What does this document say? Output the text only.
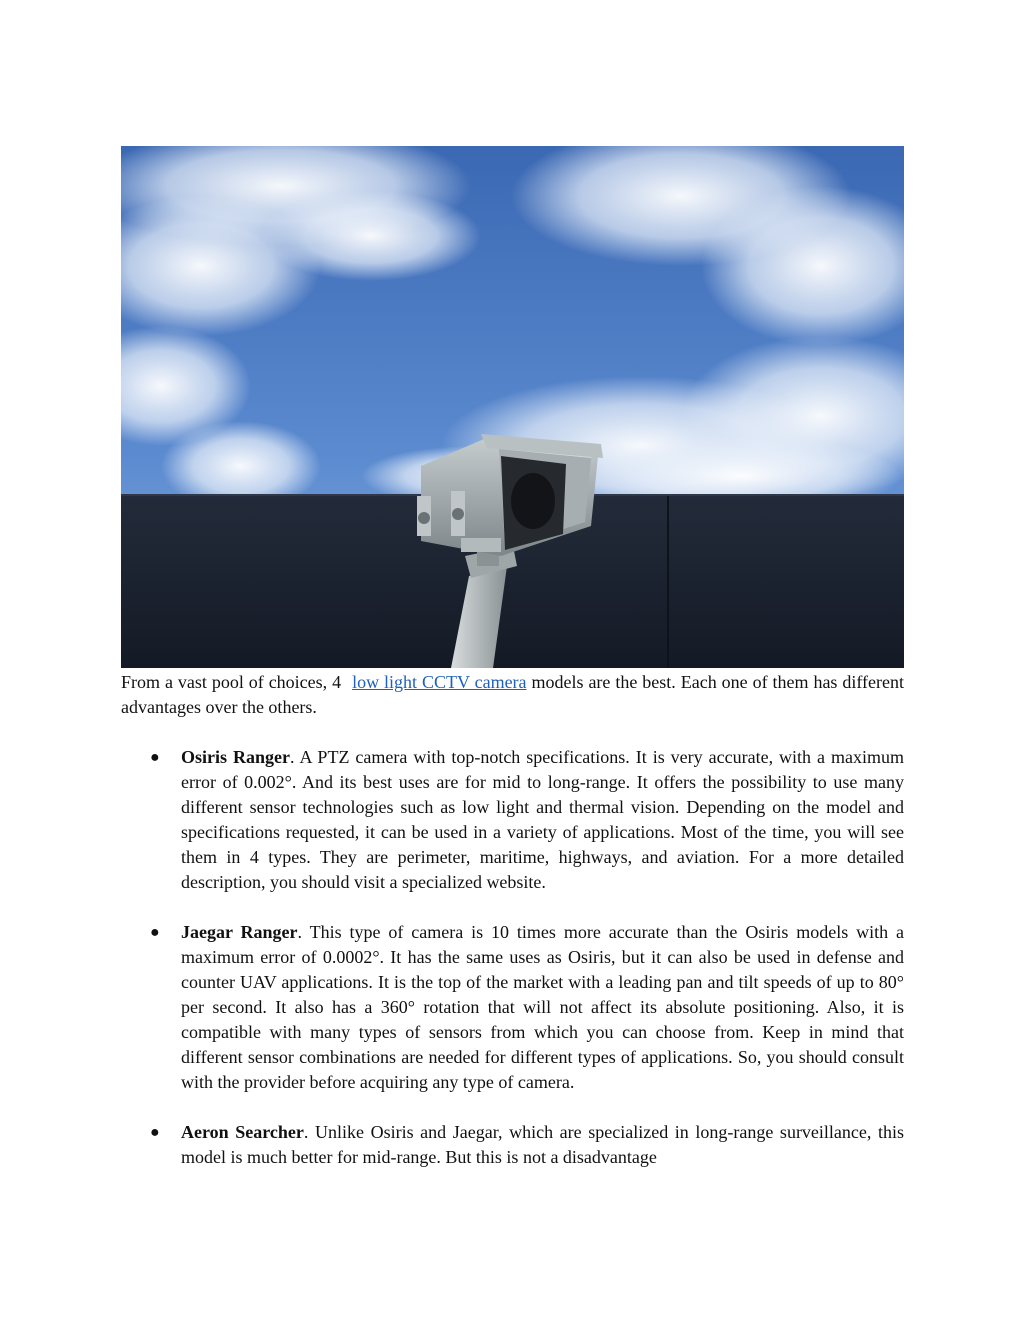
From a vast pool of choices, 4 low light CCTV camera models are the best. Each one of them has different advantages over the others.

● Osiris Ranger. A PTZ camera with top-notch specifications. It is very accurate, with a maximum error of 0.002°. And its best uses are for mid to long-range. It offers the possibility to use many different sensor technologies such as low light and thermal vision. Depending on the model and specifications requested, it can be used in a variety of applications. Most of the time, you will see them in 4 types. They are perimeter, maritime, highways, and aviation. For a more detailed description, you should visit a specialized website.
● Jaegar Ranger. This type of camera is 10 times more accurate than the Osiris models with a maximum error of 0.0002°. It has the same uses as Osiris, but it can also be used in defense and counter UAV applications. It is the top of the market with a leading pan and tilt speeds of up to 80° per second. It also has a 360° rotation that will not affect its absolute positioning. Also, it is compatible with many types of sensors from which you can choose from. Keep in mind that different sensor combinations are needed for different types of applications. So, you should consult with the provider before acquiring any type of camera.
● Aeron Searcher. Unlike Osiris and Jaegar, which are specialized in long-range surveillance, this model is much better for mid-range. But this is not a disadvantage
